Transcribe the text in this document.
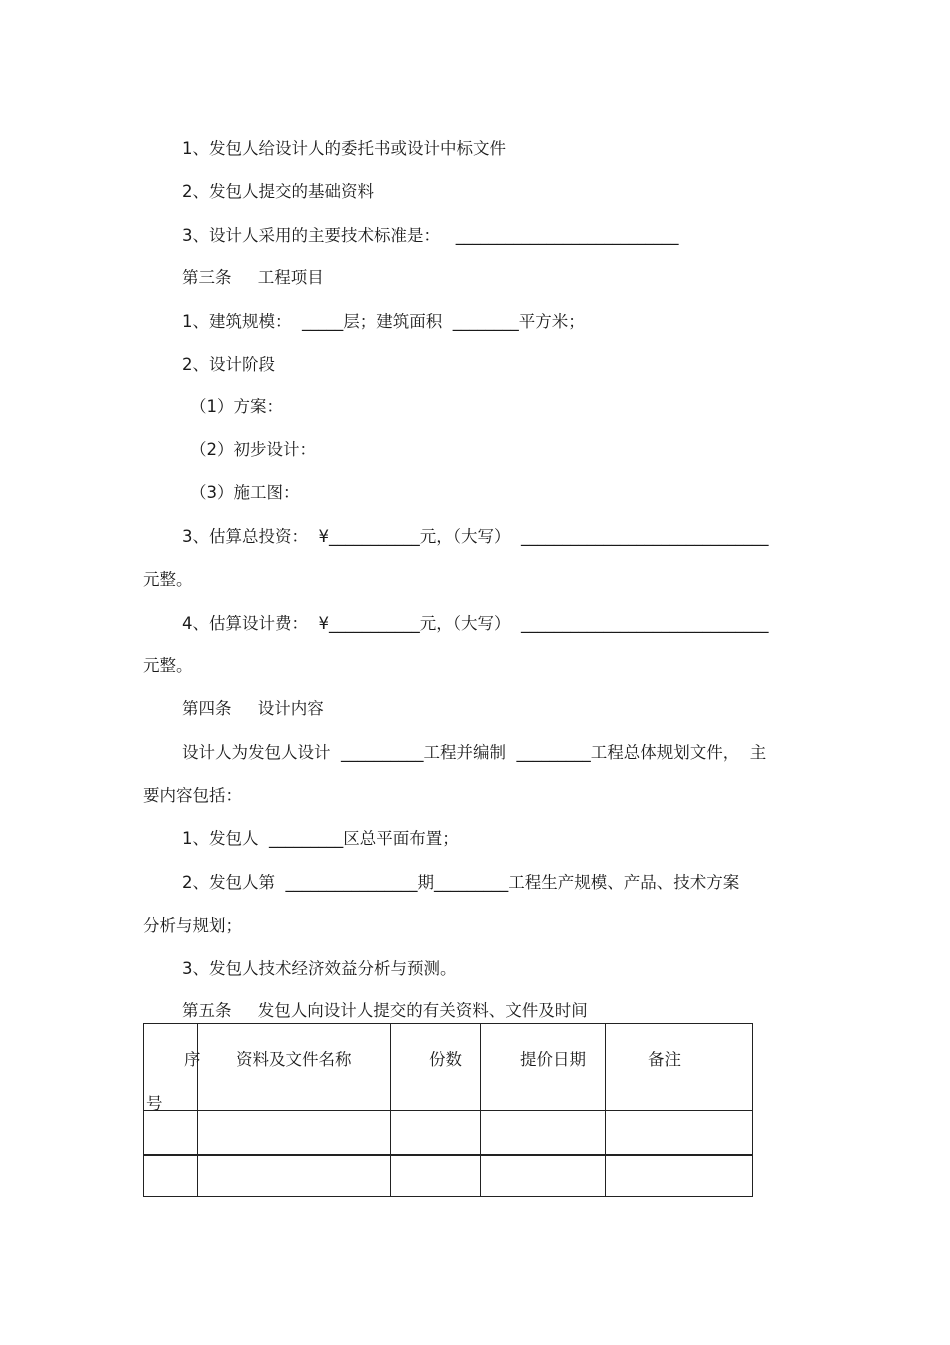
1、发包人给设计人的委托书或设计中标文件
2、发包人提交的基础资料
3、设计人采用的主要技术标准是：   ___________________________
第三条     工程项目
1、建筑规模：  _____层；建筑面积  ________平方米；
2、设计阶段
（1）方案：
（2）初步设计：
（3）施工图：
3、估算总投资：  ¥___________元，（大写）  ______________________________
元整。
4、估算设计费：  ¥___________元，（大写）  ______________________________
元整。
第四条     设计内容
设计人为发包人设计  __________工程并编制  _________工程总体规划文件，  主
要内容包括：
1、发包人  _________区总平面布置；
2、发包人第  ________________期_________工程生产规模、产品、技术方案
分析与规划；
3、发包人技术经济效益分析与预测。
第五条     发包人向设计人提交的有关资料、文件及时间
序
号	资料及文件名称	份数	提价日期	备注
